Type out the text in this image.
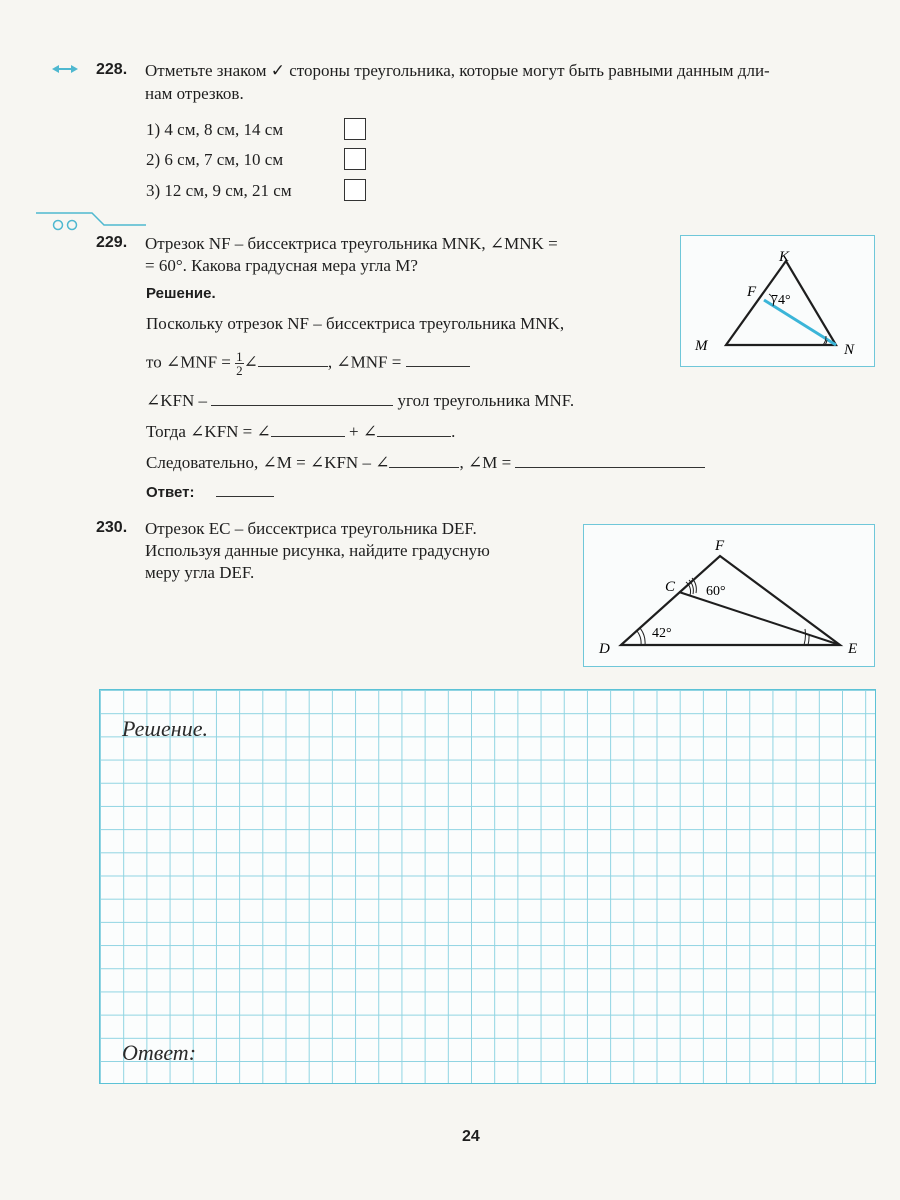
228. Отметьте знаком ✓ стороны треугольника, которые могут быть равными данным дли-
нам отрезков.
1) 4 см, 8 см, 14 см
2) 6 см, 7 см, 10 см
3) 12 см, 9 см, 21 см
229. Отрезок NF – биссектриса треугольника MNK, ∠MNK =
= 60°. Какова градусная мера угла M?	K
F
74°
M	N
Решение.
Поскольку отрезок NF – биссектриса треугольника MNK,
то ∠MNF = $\frac{1}{2}$ ∠	, ∠MNF =
∠KFN –	угол треугольника MNF.
Тогда ∠KFN = ∠	+ ∠	.
Следовательно, ∠M = ∠KFN – ∠	, ∠M =
Ответ:
230. Отрезок EC – биссектриса треугольника DEF.
Используя данные рисунка, найдите градусную
меру угла DEF.
F
C 60°
42°
D	E
Решение.
Ответ:
24
